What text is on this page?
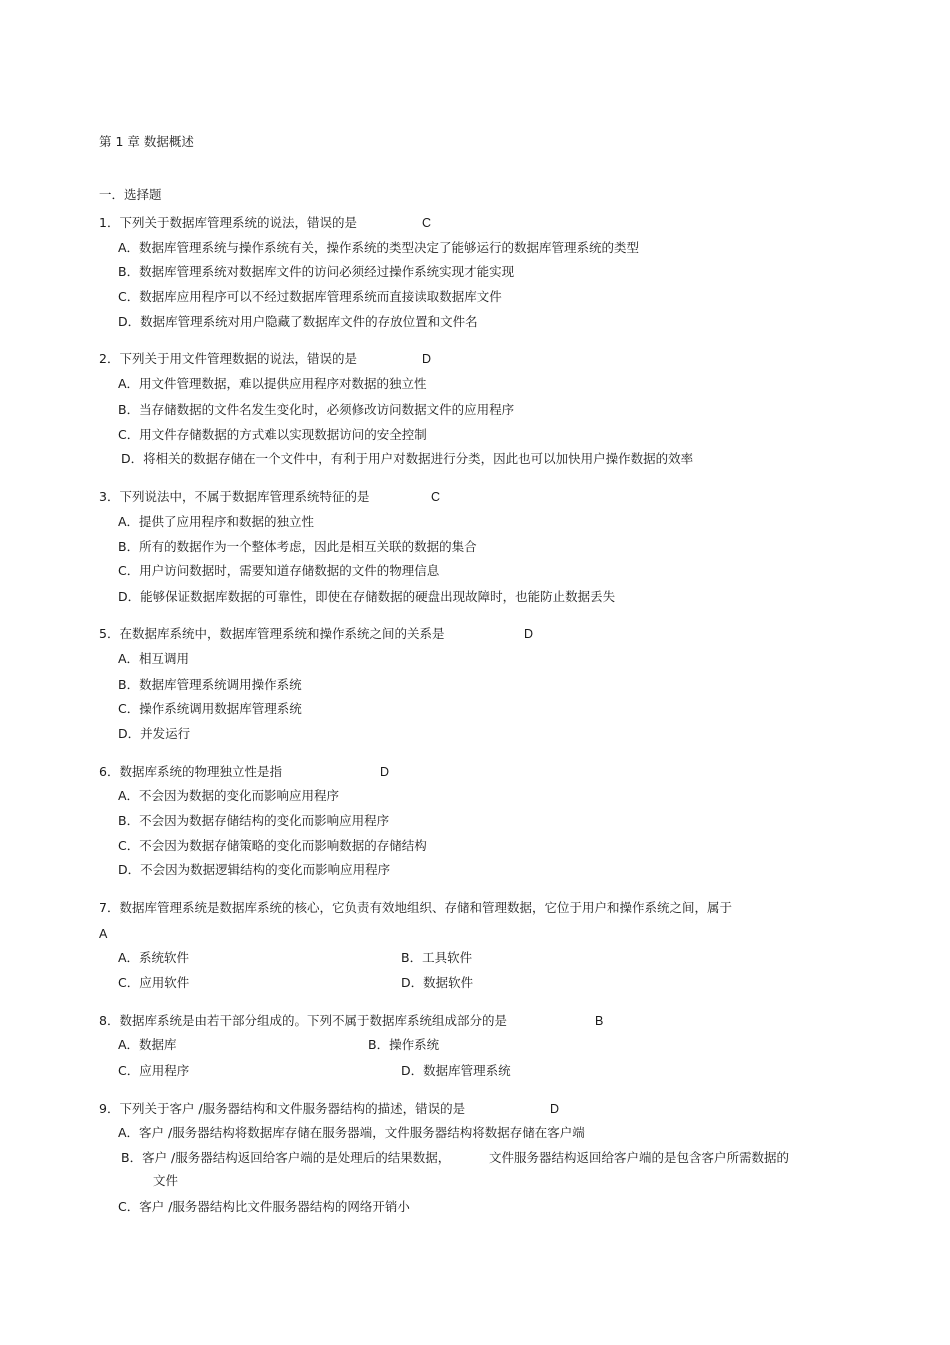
第 1 章 数据概述
一．选择题
1．下列关于数据库管理系统的说法，错误的是	C
A．数据库管理系统与操作系统有关，操作系统的类型决定了能够运行的数据库管理系统的类型
B．数据库管理系统对数据库文件的访问必须经过操作系统实现才能实现
C．数据库应用程序可以不经过数据库管理系统而直接读取数据库文件
D．数据库管理系统对用户隐藏了数据库文件的存放位置和文件名
2．下列关于用文件管理数据的说法，错误的是	D
A．用文件管理数据，难以提供应用程序对数据的独立性
B．当存储数据的文件名发生变化时，必须修改访问数据文件的应用程序
C．用文件存储数据的方式难以实现数据访问的安全控制
D．将相关的数据存储在一个文件中，有利于用户对数据进行分类，因此也可以加快用户操作数据的效率
3．下列说法中，不属于数据库管理系统特征的是	C
A．提供了应用程序和数据的独立性
B．所有的数据作为一个整体考虑，因此是相互关联的数据的集合
C．用户访问数据时，需要知道存储数据的文件的物理信息
D．能够保证数据库数据的可靠性，即使在存储数据的硬盘出现故障时，也能防止数据丢失
5．在数据库系统中，数据库管理系统和操作系统之间的关系是	D
A．相互调用
B．数据库管理系统调用操作系统
C．操作系统调用数据库管理系统
D．并发运行
6．数据库系统的物理独立性是指	D
A．不会因为数据的变化而影响应用程序
B．不会因为数据存储结构的变化而影响应用程序
C．不会因为数据存储策略的变化而影响数据的存储结构
D．不会因为数据逻辑结构的变化而影响应用程序
7．数据库管理系统是数据库系统的核心，它负责有效地组织、存储和管理数据，它位于用户和操作系统之间，属于
A
A．系统软件	B．工具软件
C．应用软件	D．数据软件
8．数据库系统是由若干部分组成的。下列不属于数据库系统组成部分的是	B
A．数据库	B．操作系统
C．应用程序	D．数据库管理系统
9．下列关于客户 /服务器结构和文件服务器结构的描述，错误的是	D
A．客户 /服务器结构将数据库存储在服务器端，文件服务器结构将数据存储在客户端
B．客户 /服务器结构返回给客户端的是处理后的结果数据，	文件服务器结构返回给客户端的是包含客户所需数据的
文件
C．客户 /服务器结构比文件服务器结构的网络开销小
